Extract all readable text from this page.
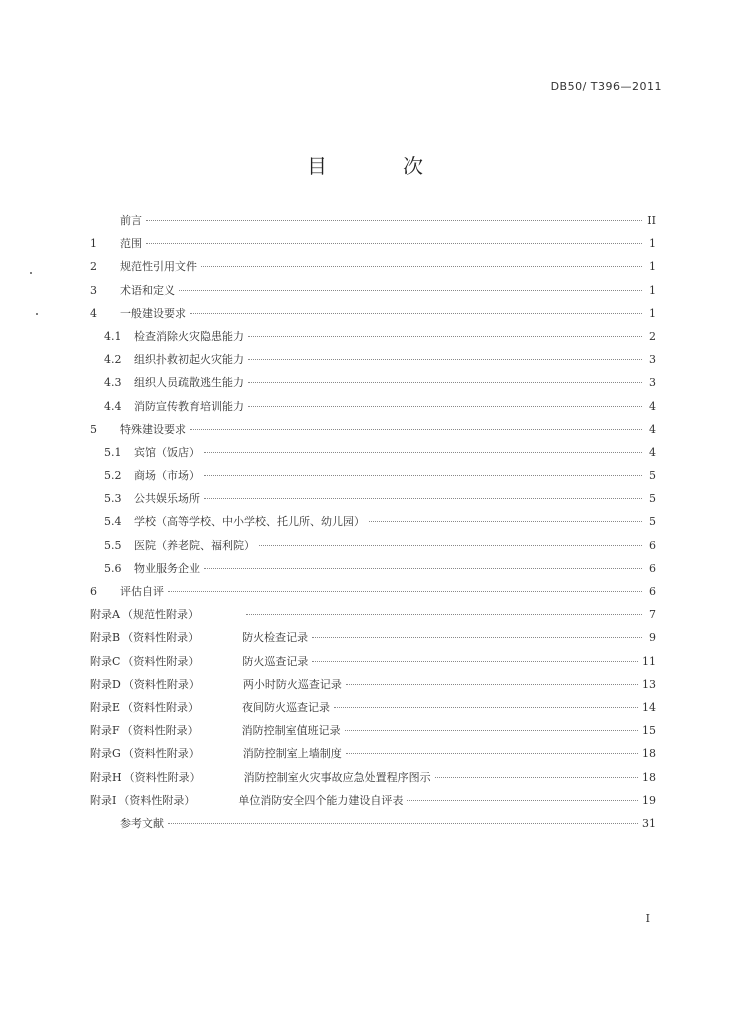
DB50/ T396—2011
目　次
前言	II
1	范围	1
2	规范性引用文件	1
3	术语和定义	1
4	一般建设要求	1
4.1	检查消除火灾隐患能力	2
4.2	组织扑救初起火灾能力	3
4.3	组织人员疏散逃生能力	3
4.4	消防宣传教育培训能力	4
5	特殊建设要求	4
5.1	宾馆（饭店）	4
5.2	商场（市场）	5
5.3	公共娱乐场所	5
5.4	学校（高等学校、中小学校、托儿所、幼儿园）	5
5.5	医院（养老院、福利院）	6
5.6	物业服务企业	6
6	评估自评	6
附录A （规范性附录）	7
附录B （资料性附录）	防火检查记录	9
附录C （资料性附录）	防火巡查记录	11
附录D （资料性附录）	两小时防火巡查记录	13
附录E （资料性附录）	夜间防火巡查记录	14
附录F （资料性附录）	消防控制室值班记录	15
附录G （资料性附录）	消防控制室上墙制度	18
附录H （资料性附录）	消防控制室火灾事故应急处置程序图示	18
附录I （资料性附录）	单位消防安全四个能力建设自评表	19
参考文献	31
I
